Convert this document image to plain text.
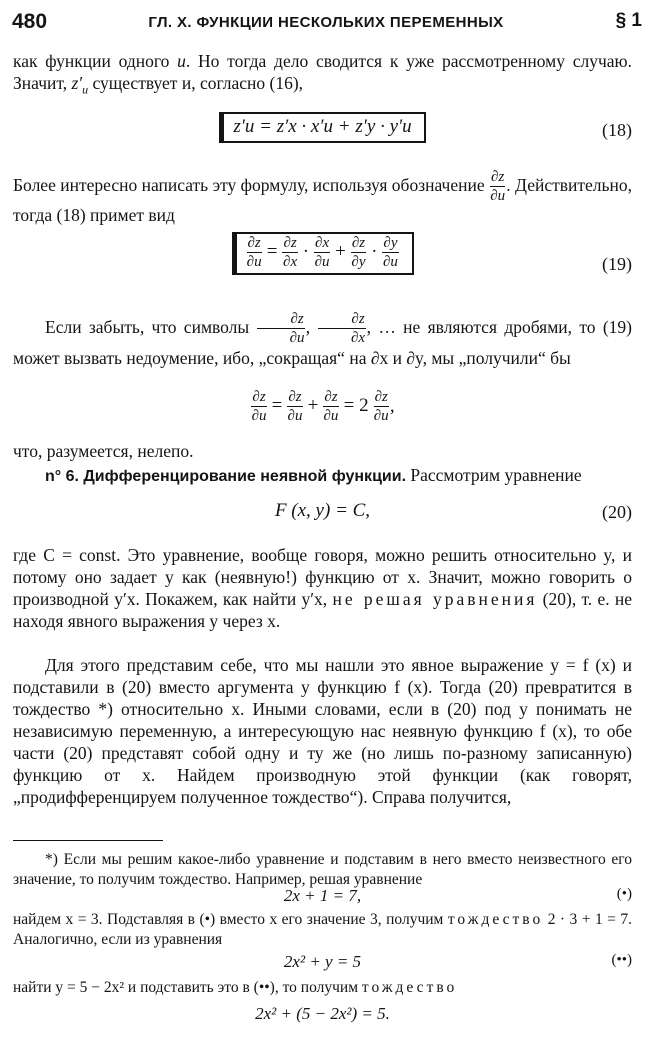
480	ГЛ. X. ФУНКЦИИ НЕСКОЛЬКИХ ПЕРЕМЕННЫХ	§ 1

как функции одного u. Но тогда дело сводится к уже рассмотренному случаю. Значит, $z'_u$ существует и, согласно (16),

z′u = z′x · x′u + z′y · y′u	(18)

Более интересно написать эту формулу, используя обозначение $\frac{\partial z}{\partial u}$ . Действительно, тогда (18) примет вид

$\frac{\partial z}{\partial u} = \frac{\partial z}{\partial x} \cdot \frac{\partial x}{\partial u} + \frac{\partial z}{\partial y} \cdot \frac{\partial y}{\partial u}$	(19)

Если забыть, что символы $\frac{\partial z}{\partial u}$ , $\frac{\partial z}{\partial x}$ , … не являются дробями, то (19) может вызвать недоумение, ибо, „сокращая“ на ∂x и ∂y, мы „получили“ бы

$\frac{\partial z}{\partial u} = \frac{\partial z}{\partial u} + \frac{\partial z}{\partial u} = 2 \frac{\partial z}{\partial u}$ ,

что, разумеется, нелепо.

n° 6. Дифференцирование неявной функции. Рассмотрим уравнение

F (x, y) = C,	(20)

где C = const. Это уравнение, вообще говоря, можно решить относительно y, и потому оно задает y как (неявную!) функцию от x. Значит, можно говорить о производной y′x. Покажем, как найти y′x, не решая уравнения (20), т. е. не находя явного выражения y через x.

Для этого представим себе, что мы нашли это явное выражение y = f (x) и подставили в (20) вместо аргумента y функцию f (x). Тогда (20) превратится в тождество *) относительно x. Иными словами, если в (20) под y понимать не независимую переменную, а интересующую нас неявную функцию f (x), то обе части (20) представят собой одну и ту же (но лишь по-разному записанную) функцию от x. Найдем производную этой функции (как говорят, „продифференцируем полученное тождество“). Справа получится,

*) Если мы решим какое-либо уравнение и подставим в него вместо неизвестного его значение, то получим тождество. Например, решая уравнение

2x + 1 = 7,	(•)

найдем x = 3. Подставляя в (•) вместо x его значение 3, получим тождество 2 · 3 + 1 = 7. Аналогично, если из уравнения

2x² + y = 5	(••)

найти y = 5 − 2x² и подставить это в (••), то получим тождество

2x² + (5 − 2x²) = 5.
